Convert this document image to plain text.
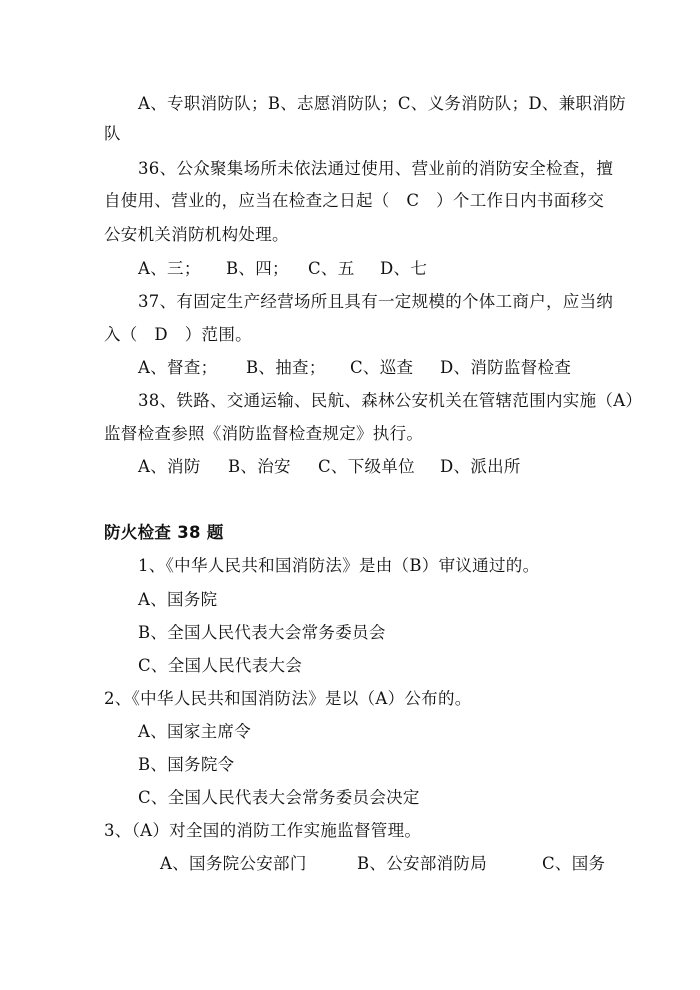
A、专职消防队；B、志愿消防队；C、义务消防队；D、兼职消防
队
36、公众聚集场所未依法通过使用、营业前的消防安全检查，擅
自使用、营业的，应当在检查之日起（　C　）个工作日内书面移交
公安机关消防机构处理。
A、三； B、四； C、五 D、七
37、有固定生产经营场所且具有一定规模的个体工商户，应当纳
入（　D　）范围。
A、督查； B、抽查； C、巡查 D、消防监督检查
38、铁路、交通运输、民航、森林公安机关在管辖范围内实施（A）
监督检查参照《消防监督检查规定》执行。
A、消防 B、治安 C、下级单位 D、派出所
防火检查 38 题
1、《中华人民共和国消防法》是由（B）审议通过的。
A、国务院
B、全国人民代表大会常务委员会
C、全国人民代表大会
2、《中华人民共和国消防法》是以（A）公布的。
A、国家主席令
B、国务院令
C、全国人民代表大会常务委员会决定
3、（A）对全国的消防工作实施监督管理。
A、国务院公安部门	B、公安部消防局	C、国务
